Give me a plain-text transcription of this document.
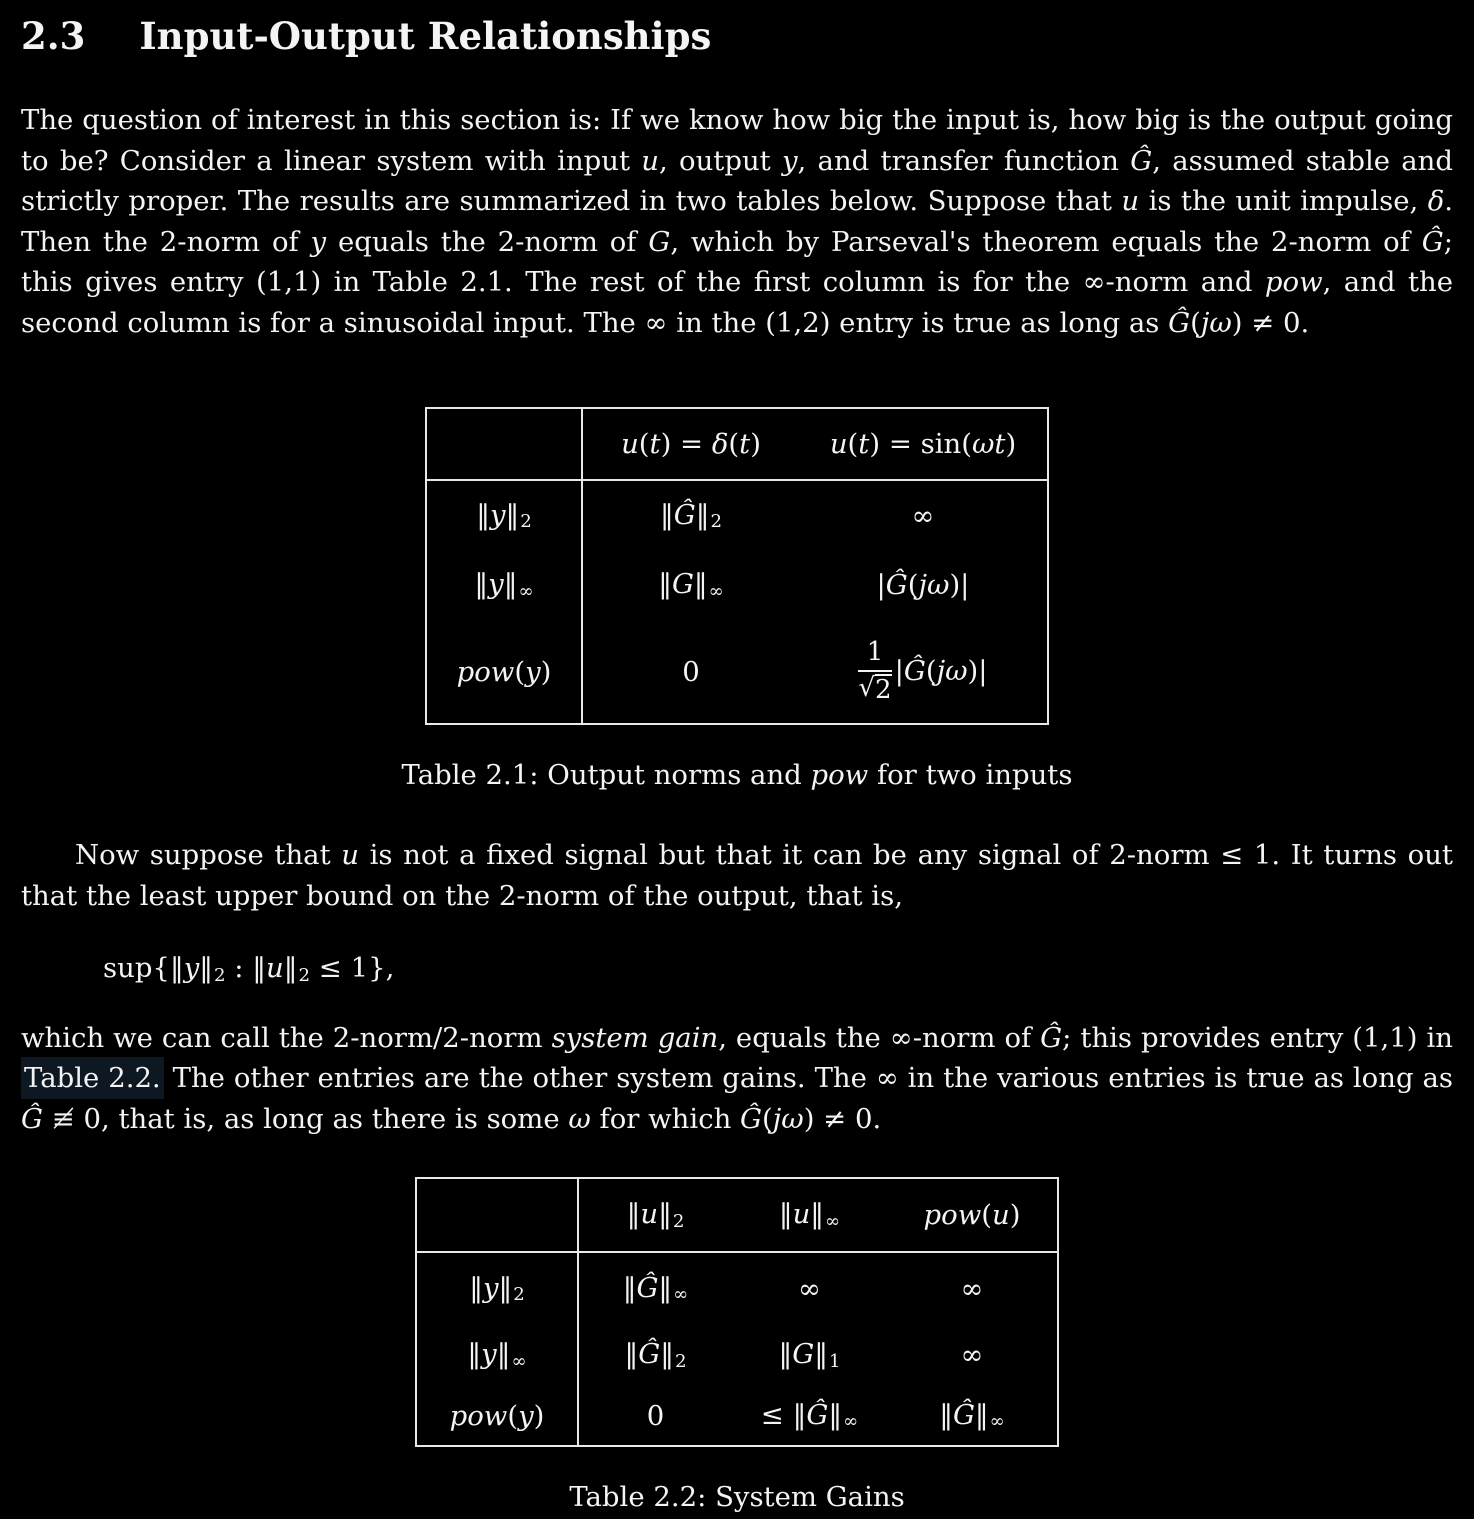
2.3 Input-Output Relationships

The question of interest in this section is: If we know how big the input is, how big is the output going to be? Consider a linear system with input u, output y, and transfer function Ĝ, assumed stable and strictly proper. The results are summarized in two tables below. Suppose that u is the unit impulse, δ. Then the 2-norm of y equals the 2-norm of G, which by Parseval's theorem equals the 2-norm of Ĝ; this gives entry (1,1) in Table 2.1. The rest of the first column is for the ∞-norm and pow, and the second column is for a sinusoidal input. The ∞ in the (1,2) entry is true as long as Ĝ(jω) ≠ 0.

	u(t) = δ(t)	u(t) = sin(ωt)
$‖y‖_2$	$‖Ĝ‖_2$	∞
$‖y‖_\infty$	$‖G‖_\infty$	|Ĝ(jω)|
pow(y)	0	$\frac{1}{√ 2}$ |Ĝ(jω)|
Table 2.1: Output norms and pow for two inputs

Now suppose that u is not a fixed signal but that it can be any signal of 2-norm ≤ 1. It turns out that the least upper bound on the 2-norm of the output, that is,

$sup\{‖y‖_2$ : $‖u‖_2 \le 1$},

which we can call the 2-norm/2-norm system gain, equals the ∞-norm of Ĝ; this provides entry (1,1) in Table 2.2. The other entries are the other system gains. The ∞ in the various entries is true as long as Ĝ ≢ 0, that is, as long as there is some ω for which Ĝ(jω) ≠ 0.

	$‖u‖_2$	$‖u‖_\infty$	pow(u)
$‖y‖_2$	$‖Ĝ‖_\infty$	∞	∞
$‖y‖_\infty$	$‖Ĝ‖_2$	$‖G‖_1$	∞
pow(y)	0	≤ $‖Ĝ‖_\infty$	$‖Ĝ‖_\infty$
Table 2.2: System Gains
